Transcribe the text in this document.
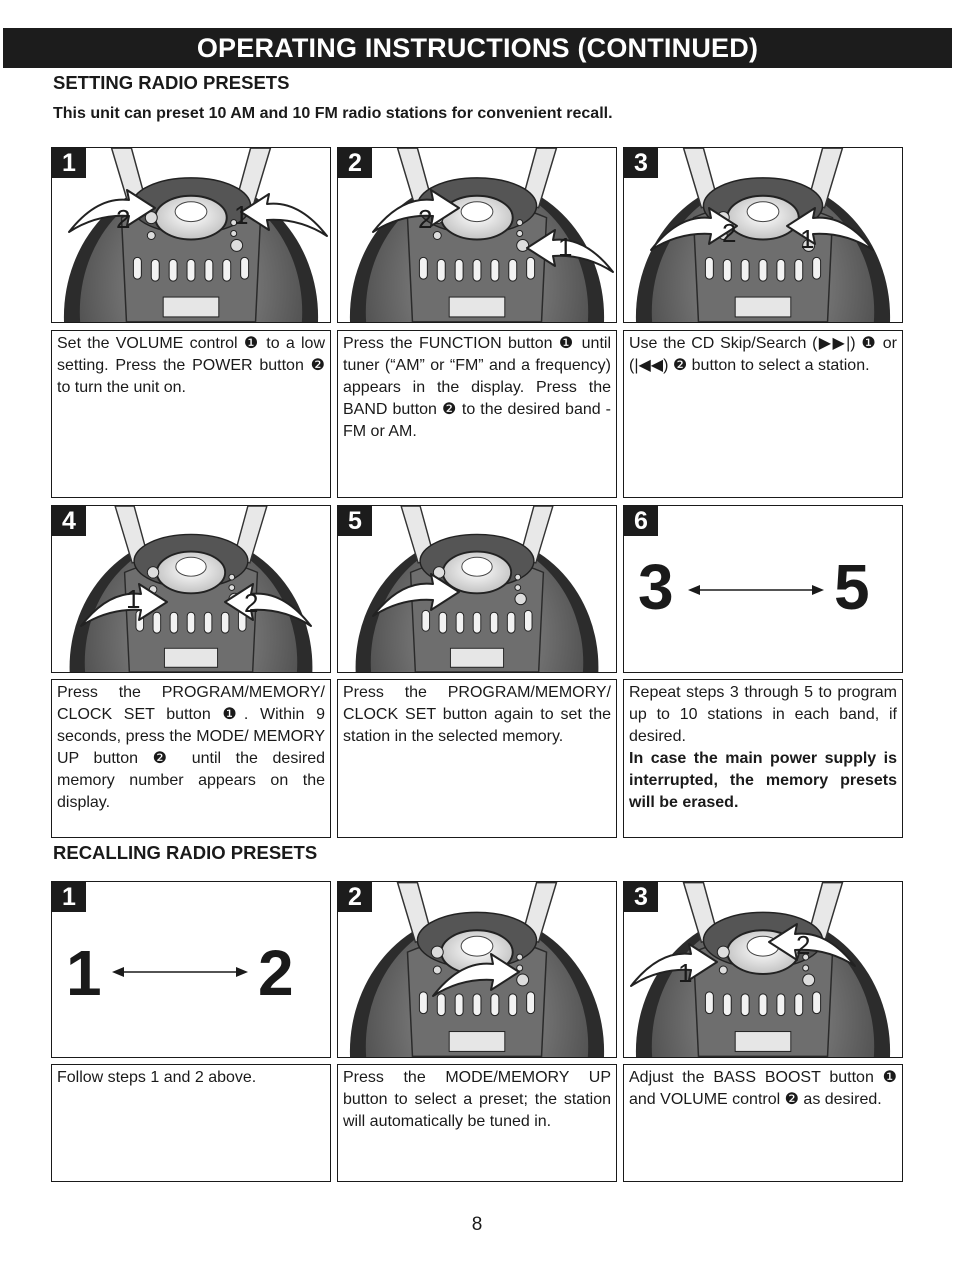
OPERATING INSTRUCTIONS (CONTINUED)
SETTING RADIO PRESETS
This unit can preset 10 AM and 10 FM radio stations for convenient recall.
2	1
1
2
1
2
2 1
3
Set the VOLUME control ❶ to a low setting. Press the POWER button ❷ to turn the unit on.
Press the FUNCTION button ❶ until tuner (“AM” or “FM” and a frequency) appears in the display. Press the BAND button ❷ to the desired band - FM or AM.
Use the CD Skip/Search (▶▶|) ❶ or (|◀◀) ❷ button to select a station.
1	2
4	5
3	5
6
Press the PROGRAM/MEMORY/ CLOCK SET button ❶. Within 9 seconds, press the MODE/ MEMORY UP button ❷ until the desired memory number appears on the display.
Press the PROGRAM/MEMORY/ CLOCK SET button again to set the station in the selected memory.
Repeat steps 3 through 5 to program up to 10 stations in each band, if desired.
In case the main power supply is interrupted, the memory presets will be erased.
RECALLING RADIO PRESETS
1 2
1	2
2
1
3
Follow steps 1 and 2 above.	Press the MODE/MEMORY UP button to select a preset; the station will automatically be tuned in.
Adjust the BASS BOOST button ❶ and VOLUME control ❷ as desired.
8
